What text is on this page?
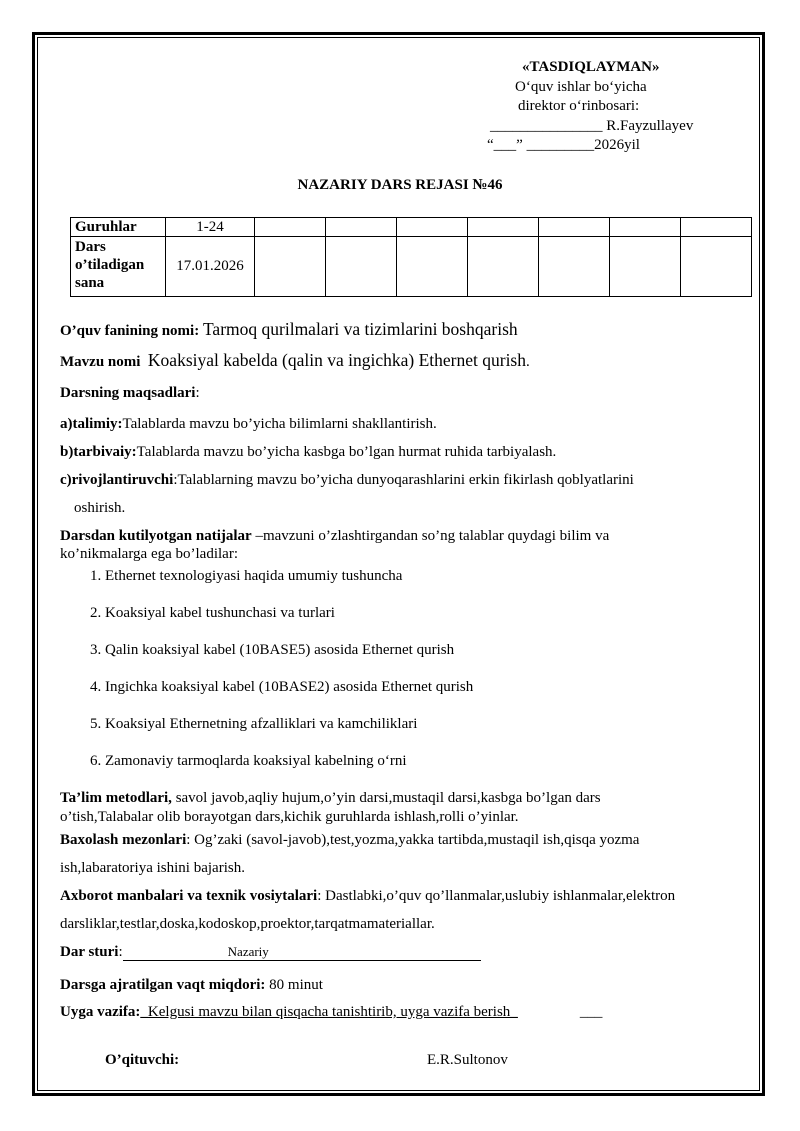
«TASDIQLAYMAN»
O‘quv ishlar bo‘yicha
direktor o‘rinbosari:
_______________ R.Fayzullayev
“___” _________2026yil
NAZARIY DARS REJASI №46
Guruhlar	1-24							

Dars
o’tiladigan
sana	17.01.2026							
O’quv fanining nomi: Tarmoq qurilmalari va tizimlarini boshqarish
Mavzu nomi Koaksiyal kabelda (qalin va ingichka) Ethernet qurish.
Darsning maqsadlari:
a)talimiy:Talablarda mavzu bo’yicha bilimlarni shakllantirish.
b)tarbivaiy:Talablarda mavzu bo’yicha kasbga bo’lgan hurmat ruhida tarbiyalash.
c)rivojlantiruvchi:Talablarning mavzu bo’yicha dunyoqarashlarini erkin fikirlash qoblyatlarini
oshirish.
Darsdan kutilyotgan natijalar –mavzuni o’zlashtirgandan so’ng talablar quydagi bilim va
ko’nikmalarga ega bo’ladilar:
1. Ethernet texnologiyasi haqida umumiy tushuncha
2. Koaksiyal kabel tushunchasi va turlari
3. Qalin koaksiyal kabel (10BASE5) asosida Ethernet qurish
4. Ingichka koaksiyal kabel (10BASE2) asosida Ethernet qurish
5. Koaksiyal Ethernetning afzalliklari va kamchiliklari
6. Zamonaviy tarmoqlarda koaksiyal kabelning o‘rni
Ta’lim metodlari, savol javob,aqliy hujum,o’yin darsi,mustaqil darsi,kasbga bo’lgan dars
o’tish,Talabalar olib borayotgan dars,kichik guruhlarda ishlash,rolli o’yinlar.
Baxolash mezonlari: Og’zaki (savol-javob),test,yozma,yakka tartibda,mustaqil ish,qisqa yozma
ish,labaratoriya ishini bajarish.
Axborot manbalari va texnik vosiytalari: Dastlabki,o’quv qo’llanmalar,uslubiy ishlanmalar,elektron
darsliklar,testlar,doska,kodoskop,proektor,tarqatmamateriallar.
Dar sturi:	Nazariy
Darsga ajratilgan vaqt miqdori: 80 minut
Uyga vazifa:_Kelgusi mavzu bilan qisqacha tanishtirib, uyga vazifa berish_	___
O’qituvchi:	E.R.Sultonov
